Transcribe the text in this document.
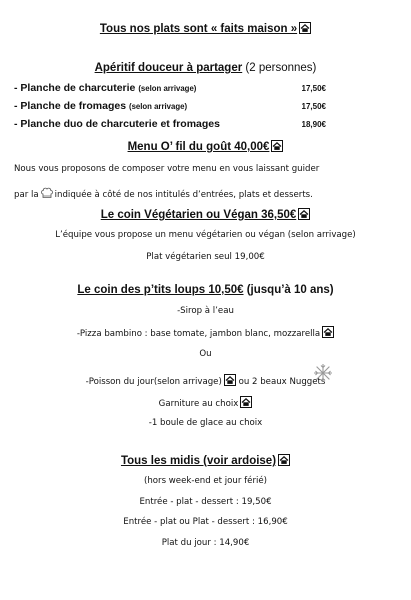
Tous nos plats sont « faits maison »
Apéritif douceur à partager (2 personnes)
- Planche de charcuterie (selon arrivage)	17,50€
- Planche de fromages (selon arrivage)	17,50€
- Planche duo de charcuterie et fromages	18,90€
Menu O’ fil du goût 40,00€
Nous vous proposons de composer votre menu en vous laissant guider
par la indiquée à côté de nos intitulés d’entrées, plats et desserts.
Le coin Végétarien ou Végan 36,50€
L’équipe vous propose un menu végétarien ou végan (selon arrivage)
Plat végétarien seul 19,00€
Le coin des p’tits loups 10,50€ (jusqu’à 10 ans)
-Sirop à l’eau
-Pizza bambino : base tomate, jambon blanc, mozzarella
Ou
-Poisson du jour(selon arrivage) ou 2 beaux Nuggets
Garniture au choix
-1 boule de glace au choix
Tous les midis (voir ardoise)
(hors week-end et jour férié)
Entrée - plat - dessert : 19,50€
Entrée - plat ou Plat - dessert : 16,90€
Plat du jour : 14,90€
